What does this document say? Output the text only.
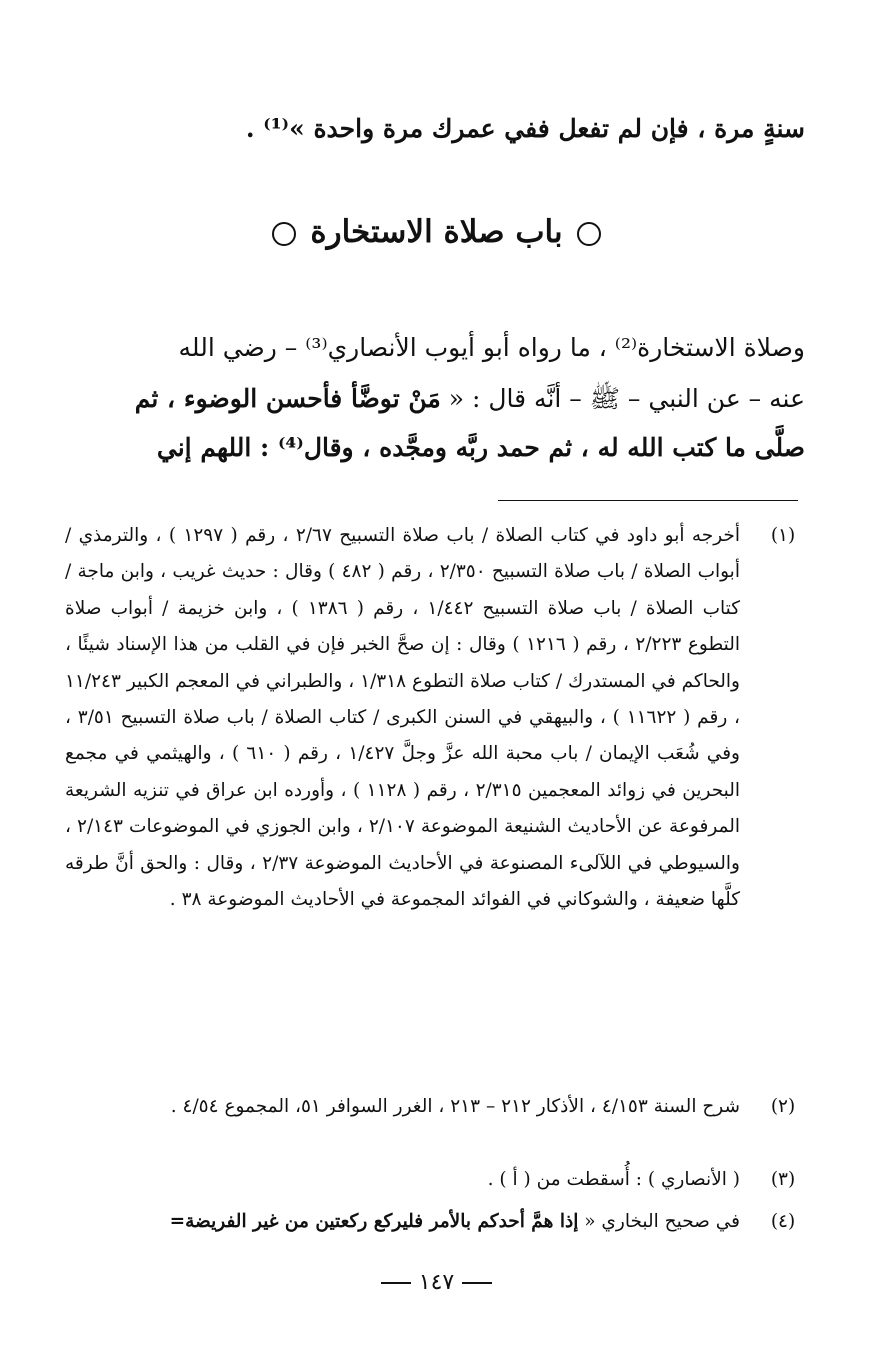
سنةٍ مرة ، فإن لم تفعل ففي عمرك مرة واحدة »⁽¹⁾ .
باب صلاة الاستخارة
وصلاة الاستخارة⁽²⁾ ، ما رواه أبو أيوب الأنصاري⁽³⁾ – رضي الله
عنه – عن النبي – ﷺ – أنَّه قال : « مَنْ توضَّأ فأحسن الوضوء ، ثم
صلَّى ما كتب الله له ، ثم حمد ربَّه ومجَّده ، وقال⁽⁴⁾ : اللهم إني
(١)
أخرجه أبو داود في كتاب الصلاة / باب صلاة التسبيح ٢/٦٧ ، رقم ( ١٢٩٧ ) ، والترمذي / أبواب الصلاة / باب صلاة التسبيح ٢/٣٥٠ ، رقم ( ٤٨٢ ) وقال : حديث غريب ، وابن ماجة / كتاب الصلاة / باب صلاة التسبيح ١/٤٤٢ ، رقم ( ١٣٨٦ ) ، وابن خزيمة / أبواب صلاة التطوع ٢/٢٢٣ ، رقم ( ١٢١٦ ) وقال : إن صحَّ الخبر فإن في القلب من هذا الإسناد شيئًا ، والحاكم في المستدرك / كتاب صلاة التطوع ١/٣١٨ ، والطبراني في المعجم الكبير ١١/٢٤٣ ، رقم ( ١١٦٢٢ ) ، والبيهقي في السنن الكبرى / كتاب الصلاة / باب صلاة التسبيح ٣/٥١ ، وفي شُعَب الإيمان / باب محبة الله عزَّ وجلَّ ١/٤٢٧ ، رقم ( ٦١٠ ) ، والهيثمي في مجمع البحرين في زوائد المعجمين ٢/٣١٥ ، رقم ( ١١٢٨ ) ، وأورده ابن عراق في تنزيه الشريعة المرفوعة عن الأحاديث الشنيعة الموضوعة ٢/١٠٧ ، وابن الجوزي في الموضوعات ٢/١٤٣ ، والسيوطي في اللآلىء المصنوعة في الأحاديث الموضوعة ٢/٣٧ ، وقال : والحق أنَّ طرقه كلَّها ضعيفة ، والشوكاني في الفوائد المجموعة في الأحاديث الموضوعة ٣٨ .
(٢)
شرح السنة ٤/١٥٣ ، الأذكار ٢١٢ – ٢١٣ ، الغرر السوافر ٥١، المجموع ٤/٥٤ .
(٣)
( الأنصاري ) : أُسقطت من ( أ ) .
(٤)
في صحيح البخاري « إذا همَّ أحدكم بالأمر فليركع ركعتين من غير الفريضة=
١٤٧
